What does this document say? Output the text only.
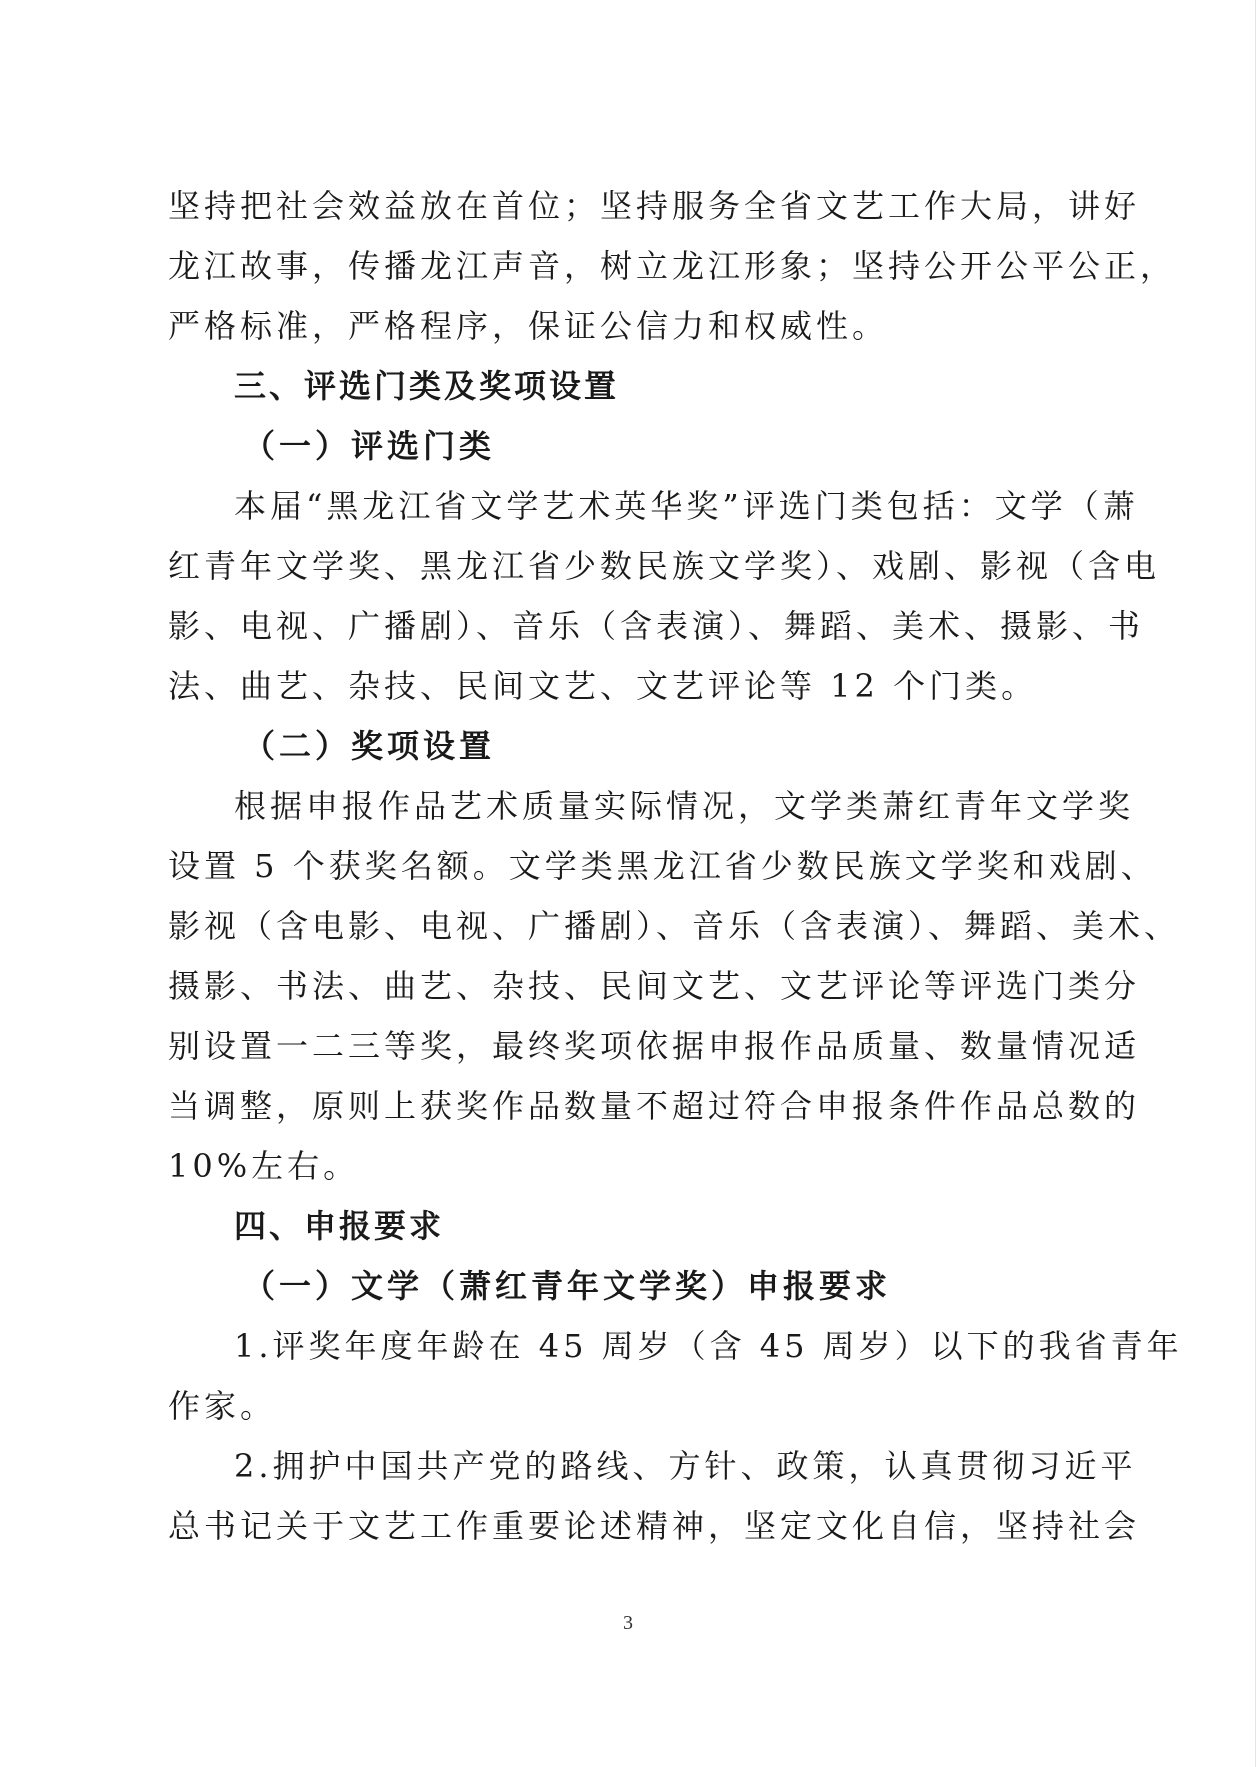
坚持把社会效益放在首位；坚持服务全省文艺工作大局，讲好
龙江故事，传播龙江声音，树立龙江形象；坚持公开公平公正，
严格标准，严格程序，保证公信力和权威性。

三、评选门类及奖项设置
（一）评选门类

本届“黑龙江省文学艺术英华奖”评选门类包括：文学（萧
红青年文学奖、黑龙江省少数民族文学奖）、戏剧、影视（含电
影、电视、广播剧）、音乐（含表演）、舞蹈、美术、摄影、书
法、曲艺、杂技、民间文艺、文艺评论等 12 个门类。

（二）奖项设置

根据申报作品艺术质量实际情况，文学类萧红青年文学奖
设置 5 个获奖名额。文学类黑龙江省少数民族文学奖和戏剧、
影视（含电影、电视、广播剧）、音乐（含表演）、舞蹈、美术、
摄影、书法、曲艺、杂技、民间文艺、文艺评论等评选门类分
别设置一二三等奖，最终奖项依据申报作品质量、数量情况适
当调整，原则上获奖作品数量不超过符合申报条件作品总数的
10%左右。

四、申报要求
（一）文学（萧红青年文学奖）申报要求

1.评奖年度年龄在 45 周岁（含 45 周岁）以下的我省青年
作家。

2.拥护中国共产党的路线、方针、政策，认真贯彻习近平
总书记关于文艺工作重要论述精神，坚定文化自信，坚持社会

3
